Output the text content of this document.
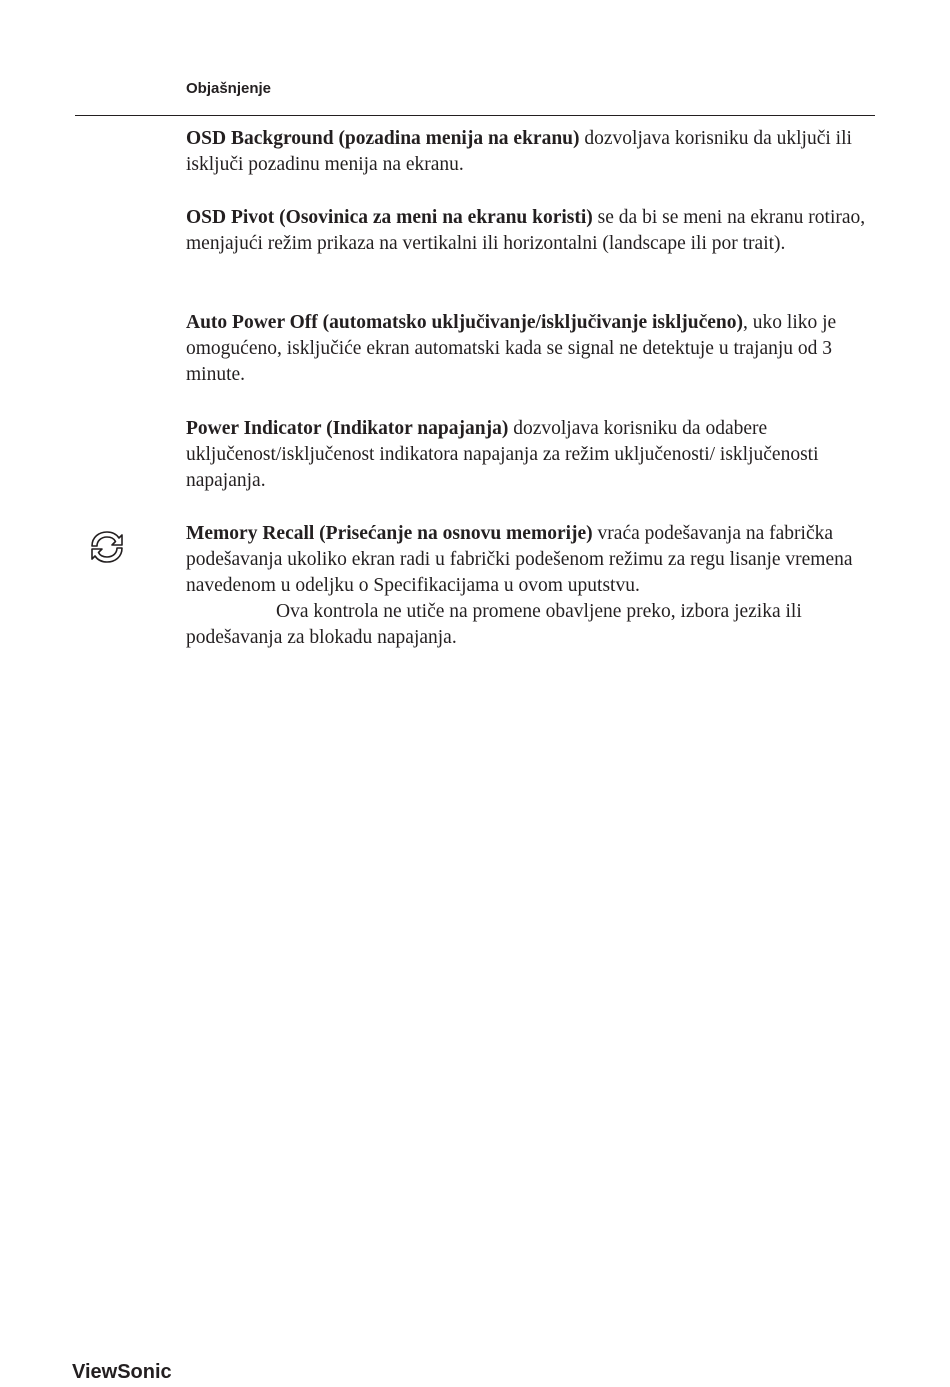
Objašnjenje

OSD Background (pozadina menija na ekranu) dozvoljava korisniku da uključi ili isključi pozadinu menija na ekranu.

OSD Pivot (Osovinica za meni na ekranu koristi) se da bi se meni na ekranu rotirao, menjajući režim prikaza na vertikalni ili horizontalni (landscape ili por trait).

Auto Power Off (automatsko uključivanje/isključivanje isključeno), uko liko je omogućeno, isključiće ekran automatski kada se signal ne detektuje u trajanju od 3 minute.

Power Indicator (Indikator napajanja) dozvoljava korisniku da odabere uključenost/isključenost indikatora napajanja za režim uključenosti/ isključenosti napajanja.

Memory Recall (Prisećanje na osnovu memorije) vraća podešavanja na fabrička podešavanja ukoliko ekran radi u fabrički podešenom režimu za regu lisanje vremena navedenom u odeljku o Specifikacijama u ovom uputstvu.
Ova kontrola ne utiče na promene obavljene preko, izbora jezika ili podešavanja za blokadu napajanja.

ViewSonic
